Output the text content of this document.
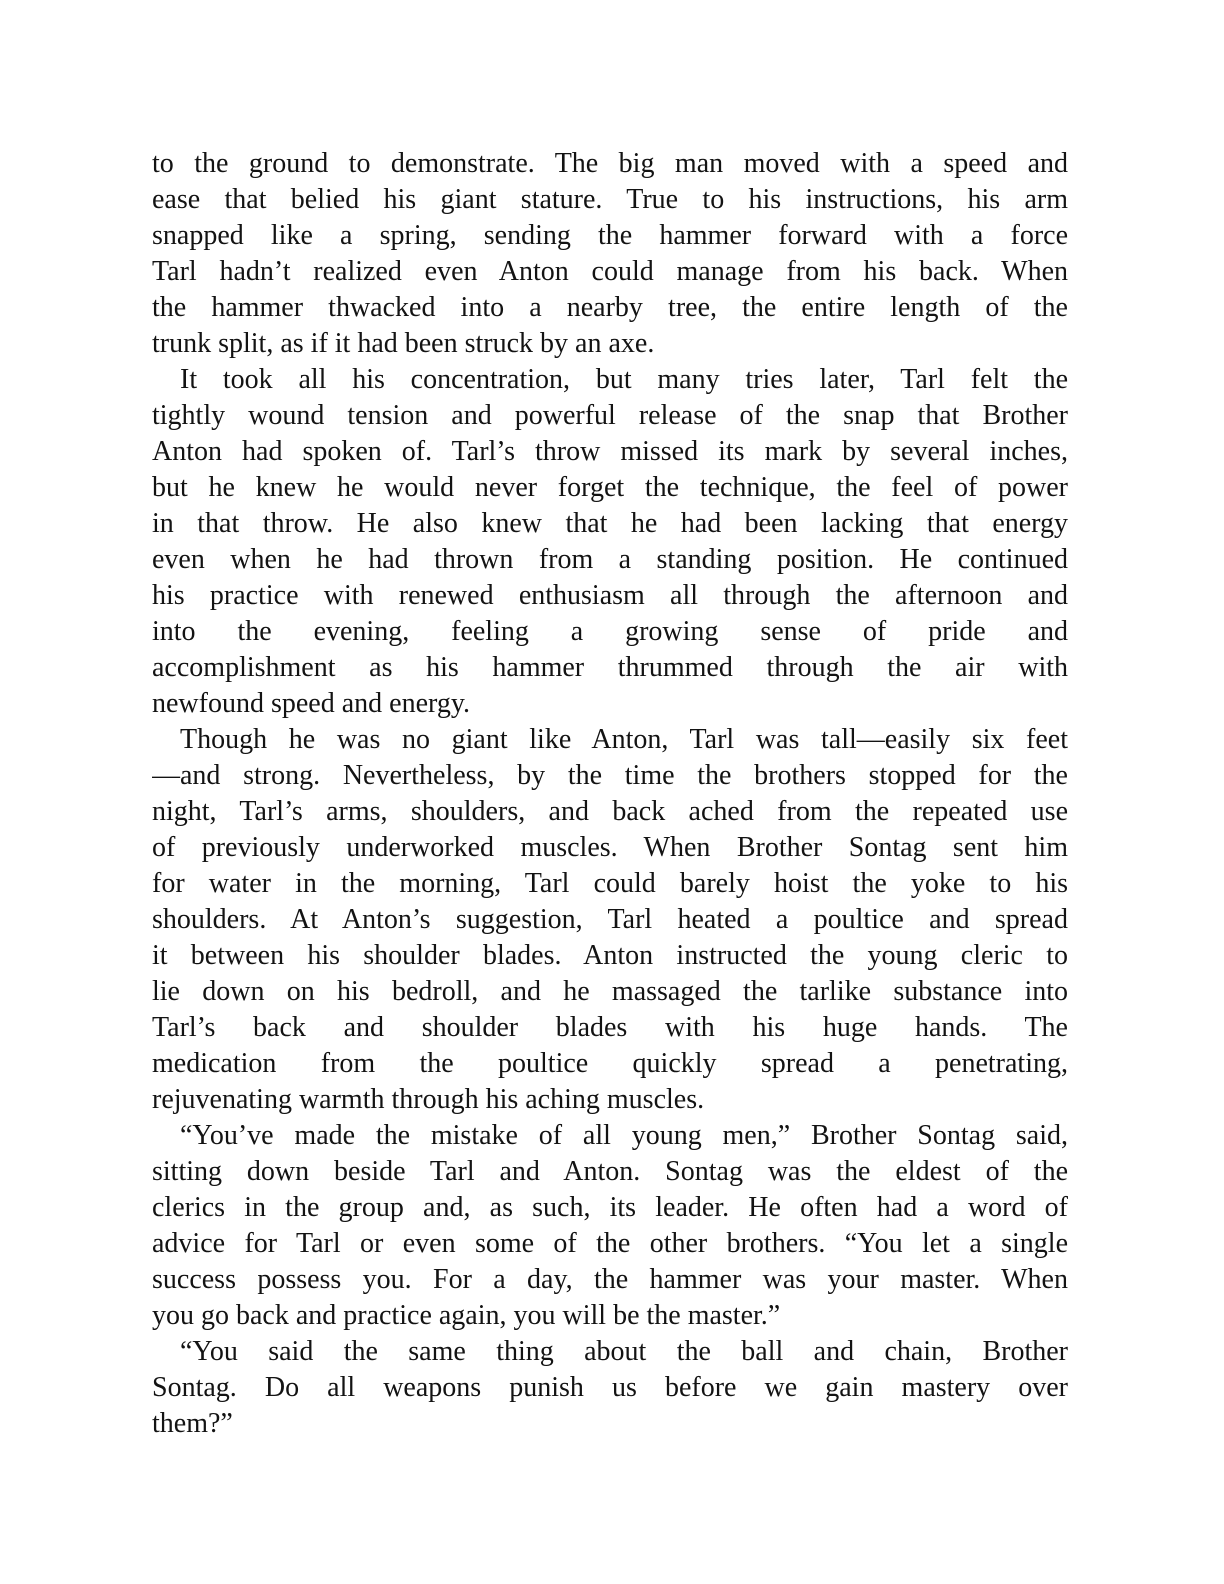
to the ground to demonstrate. The big man moved with a speed and
ease that belied his giant stature. True to his instructions, his arm
snapped like a spring, sending the hammer forward with a force
Tarl hadn’t realized even Anton could manage from his back. When
the hammer thwacked into a nearby tree, the entire length of the
trunk split, as if it had been struck by an axe.

It took all his concentration, but many tries later, Tarl felt the
tightly wound tension and powerful release of the snap that Brother
Anton had spoken of. Tarl’s throw missed its mark by several inches,
but he knew he would never forget the technique, the feel of power
in that throw. He also knew that he had been lacking that energy
even when he had thrown from a standing position. He continued
his practice with renewed enthusiasm all through the afternoon and
into the evening, feeling a growing sense of pride and
accomplishment as his hammer thrummed through the air with
newfound speed and energy.

Though he was no giant like Anton, Tarl was tall—easily six feet
—and strong. Nevertheless, by the time the brothers stopped for the
night, Tarl’s arms, shoulders, and back ached from the repeated use
of previously underworked muscles. When Brother Sontag sent him
for water in the morning, Tarl could barely hoist the yoke to his
shoulders. At Anton’s suggestion, Tarl heated a poultice and spread
it between his shoulder blades. Anton instructed the young cleric to
lie down on his bedroll, and he massaged the tarlike substance into
Tarl’s back and shoulder blades with his huge hands. The
medication from the poultice quickly spread a penetrating,
rejuvenating warmth through his aching muscles.

“You’ve made the mistake of all young men,” Brother Sontag said,
sitting down beside Tarl and Anton. Sontag was the eldest of the
clerics in the group and, as such, its leader. He often had a word of
advice for Tarl or even some of the other brothers. “You let a single
success possess you. For a day, the hammer was your master. When
you go back and practice again, you will be the master.”

“You said the same thing about the ball and chain, Brother
Sontag. Do all weapons punish us before we gain mastery over
them?”
